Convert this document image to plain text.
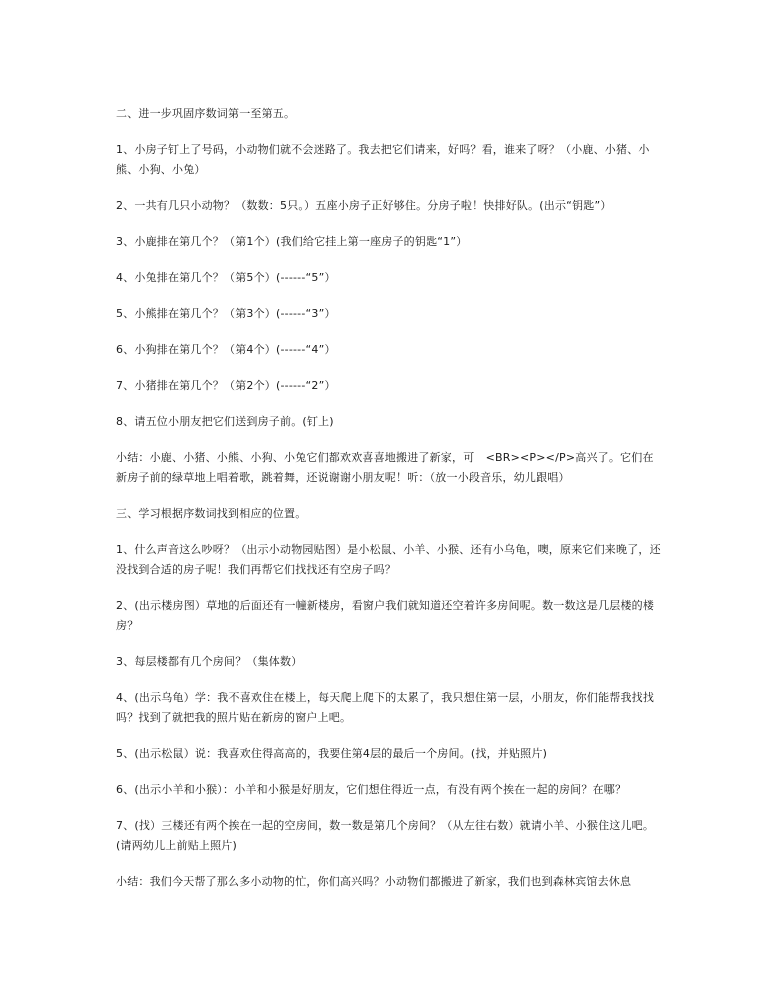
二、进一步巩固序数词第一至第五。

1、小房子钉上了号码，小动物们就不会迷路了。我去把它们请来，好吗？看，谁来了呀？（小鹿、小猪、小熊、小狗、小兔）

2、一共有几只小动物？（数数：5只。）五座小房子正好够住。分房子啦！快排好队。(出示“钥匙”）

3、小鹿排在第几个？（第1个）(我们给它挂上第一座房子的钥匙“1”）

4、小兔排在第几个？（第5个）(------“5”）

5、小熊排在第几个？（第3个）(------“3”）

6、小狗排在第几个？（第4个）(------“4”）

7、小猪排在第几个？（第2个）(------“2”）

8、请五位小朋友把它们送到房子前。(钉上)

小结：小鹿、小猪、小熊、小狗、小兔它们都欢欢喜喜地搬进了新家，可　<BR><P></P>高兴了。它们在新房子前的绿草地上唱着歌，跳着舞，还说谢谢小朋友呢！听：（放一小段音乐，幼儿跟唱）

三、学习根据序数词找到相应的位置。

1、什么声音这么吵呀？（出示小动物园贴图）是小松鼠、小羊、小猴、还有小乌龟，噢，原来它们来晚了，还没找到合适的房子呢！我们再帮它们找找还有空房子吗？

2、(出示楼房图）草地的后面还有一幢新楼房，看窗户我们就知道还空着许多房间呢。数一数这是几层楼的楼房？

3、每层楼都有几个房间？（集体数）

4、(出示乌龟）学：我不喜欢住在楼上，每天爬上爬下的太累了，我只想住第一层，小朋友，你们能帮我找找吗？找到了就把我的照片贴在新房的窗户上吧。

5、(出示松鼠）说：我喜欢住得高高的，我要住第4层的最后一个房间。(找，并贴照片)

6、(出示小羊和小猴）：小羊和小猴是好朋友，它们想住得近一点，有没有两个挨在一起的房间？在哪？

7、(找）三楼还有两个挨在一起的空房间，数一数是第几个房间？（从左往右数）就请小羊、小猴住这儿吧。(请两幼儿上前贴上照片)

小结：我们今天帮了那么多小动物的忙，你们高兴吗？小动物们都搬进了新家，我们也到森林宾馆去休息
